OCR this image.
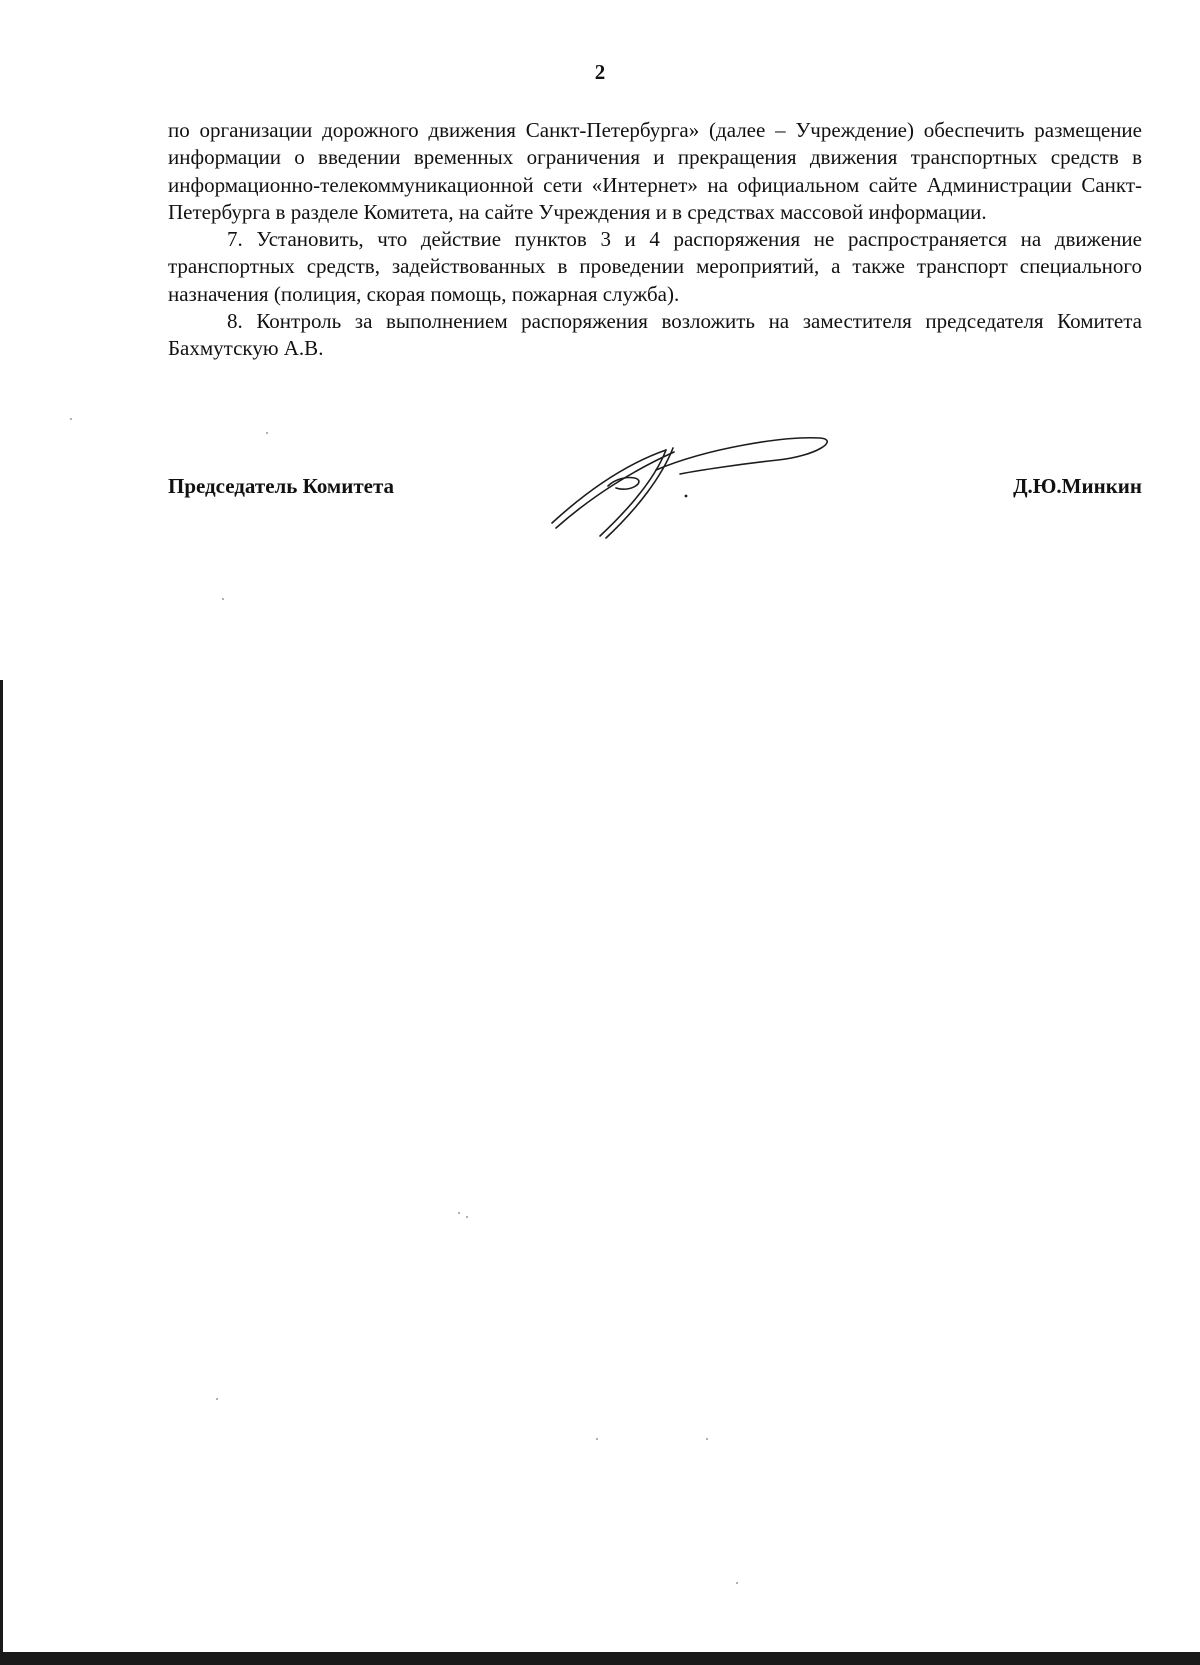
2

по организации дорожного движения Санкт-Петербурга» (далее – Учреждение) обеспечить размещение информации о введении временных ограничения и прекращения движения транспортных средств в информационно-телекоммуникационной сети «Интернет» на официальном сайте Администрации Санкт-Петербурга в разделе Комитета, на сайте Учреждения и в средствах массовой информации.

7. Установить, что действие пунктов 3 и 4 распоряжения не распространяется на движение транспортных средств, задействованных в проведении мероприятий, а также транспорт специального назначения (полиция, скорая помощь, пожарная служба).

8. Контроль за выполнением распоряжения возложить на заместителя председателя Комитета Бахмутскую А.В.

Председатель Комитета	Д.Ю.Минкин
